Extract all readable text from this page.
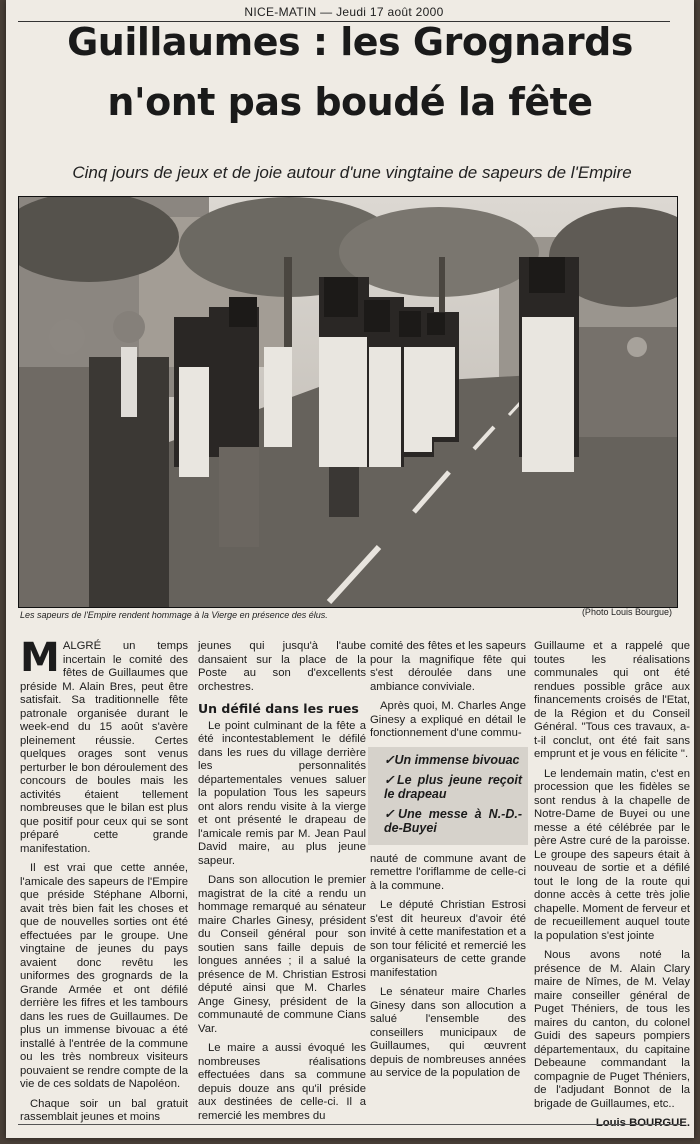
NICE-MATIN — Jeudi 17 août 2000
Guillaumes : les Grognards
n'ont pas boudé la fête
Cinq jours de jeux et de joie autour d'une vingtaine de sapeurs de l'Empire
Les sapeurs de l'Empire rendent hommage à la Vierge en présence des élus.	(Photo Louis Bourgue)

MALGRÉ un temps incertain le comité des fêtes de Guillaumes que préside M. Alain Bres, peut être satisfait. Sa traditionnelle fête patronale organisée durant le week-end du 15 août s'avère pleinement réussie. Certes quelques orages sont venus perturber le bon déroulement des concours de boules mais les activités étaient tellement nombreuses que le bilan est plus que positif pour ceux qui se sont préparé cette grande manifestation.

Il est vrai que cette année, l'amicale des sapeurs de l'Empire que préside Stéphane Alborni, avait très bien fait les choses et que de nouvelles sorties ont été effectuées par le groupe. Une vingtaine de jeunes du pays avaient donc revêtu les uniformes des grognards de la Grande Armée et ont défilé derrière les fifres et les tambours dans les rues de Guillaumes. De plus un immense bivouac a été installé à l'entrée de la commune ou les très nombreux visiteurs pouvaient se rendre compte de la vie de ces soldats de Napoléon.

Chaque soir un bal gratuit rassemblait jeunes et moins

jeunes qui jusqu'à l'aube dansaient sur la place de la Poste au son d'excellents orchestres.

Un défilé dans les rues

Le point culminant de la fête a été incontestablement le défilé dans les rues du village derrière les personnalités départementales venues saluer la population Tous les sapeurs ont alors rendu visite à la vierge et ont présenté le drapeau de l'amicale remis par M. Jean Paul David maire, au plus jeune sapeur.

Dans son allocution le premier magistrat de la cité a rendu un hommage remarqué au sénateur maire Charles Ginesy, président du Conseil général pour son soutien sans faille depuis de longues années ; il a salué la présence de M. Christian Estrosi député ainsi que M. Charles Ange Ginesy, président de la communauté de commune Cians Var.

Le maire a aussi évoqué les nombreuses réalisations effectuées dans sa commune depuis douze ans qu'il préside aux destinées de celle-ci. Il a remercié les membres du

comité des fêtes et les sapeurs pour la magnifique fête qui s'est déroulée dans une ambiance conviviale.

Après quoi, M. Charles Ange Ginesy a expliqué en détail le fonctionnement d'une commu-

✓Un immense bivouac
✓Le plus jeune reçoit le drapeau
✓Une messe à N.-D.-de-Buyei

nauté de commune avant de remettre l'oriflamme de celle-ci à la commune.

Le député Christian Estrosi s'est dit heureux d'avoir été invité à cette manifestation et a son tour félicité et remercié les organisateurs de cette grande manifestation

Le sénateur maire Charles Ginesy dans son allocution a salué l'ensemble des conseillers municipaux de Guillaumes, qui œuvrent depuis de nombreuses années au service de la population de

Guillaume et a rappelé que toutes les réalisations communales qui ont été rendues possible grâce aux financements croisés de l'Etat, de la Région et du Conseil Général. "Tous ces travaux, a-t-il conclut, ont été fait sans emprunt et je vous en félicite ".

Le lendemain matin, c'est en procession que les fidèles se sont rendus à la chapelle de Notre-Dame de Buyei ou une messe a été célébrée par le père Astre curé de la paroisse. Le groupe des sapeurs était à nouveau de sortie et a défilé tout le long de la route qui donne accès à cette très jolie chapelle. Moment de ferveur et de recueillement auquel toute la population s'est jointe

Nous avons noté la présence de M. Alain Clary maire de Nîmes, de M. Velay maire conseiller général de Puget Théniers, de tous les maires du canton, du colonel Guidi des sapeurs pompiers départementaux, du capitaine Debeaune commandant la compagnie de Puget Théniers, de l'adjudant Bonnot de la brigade de Guillaumes, etc..

Louis BOURGUE.
